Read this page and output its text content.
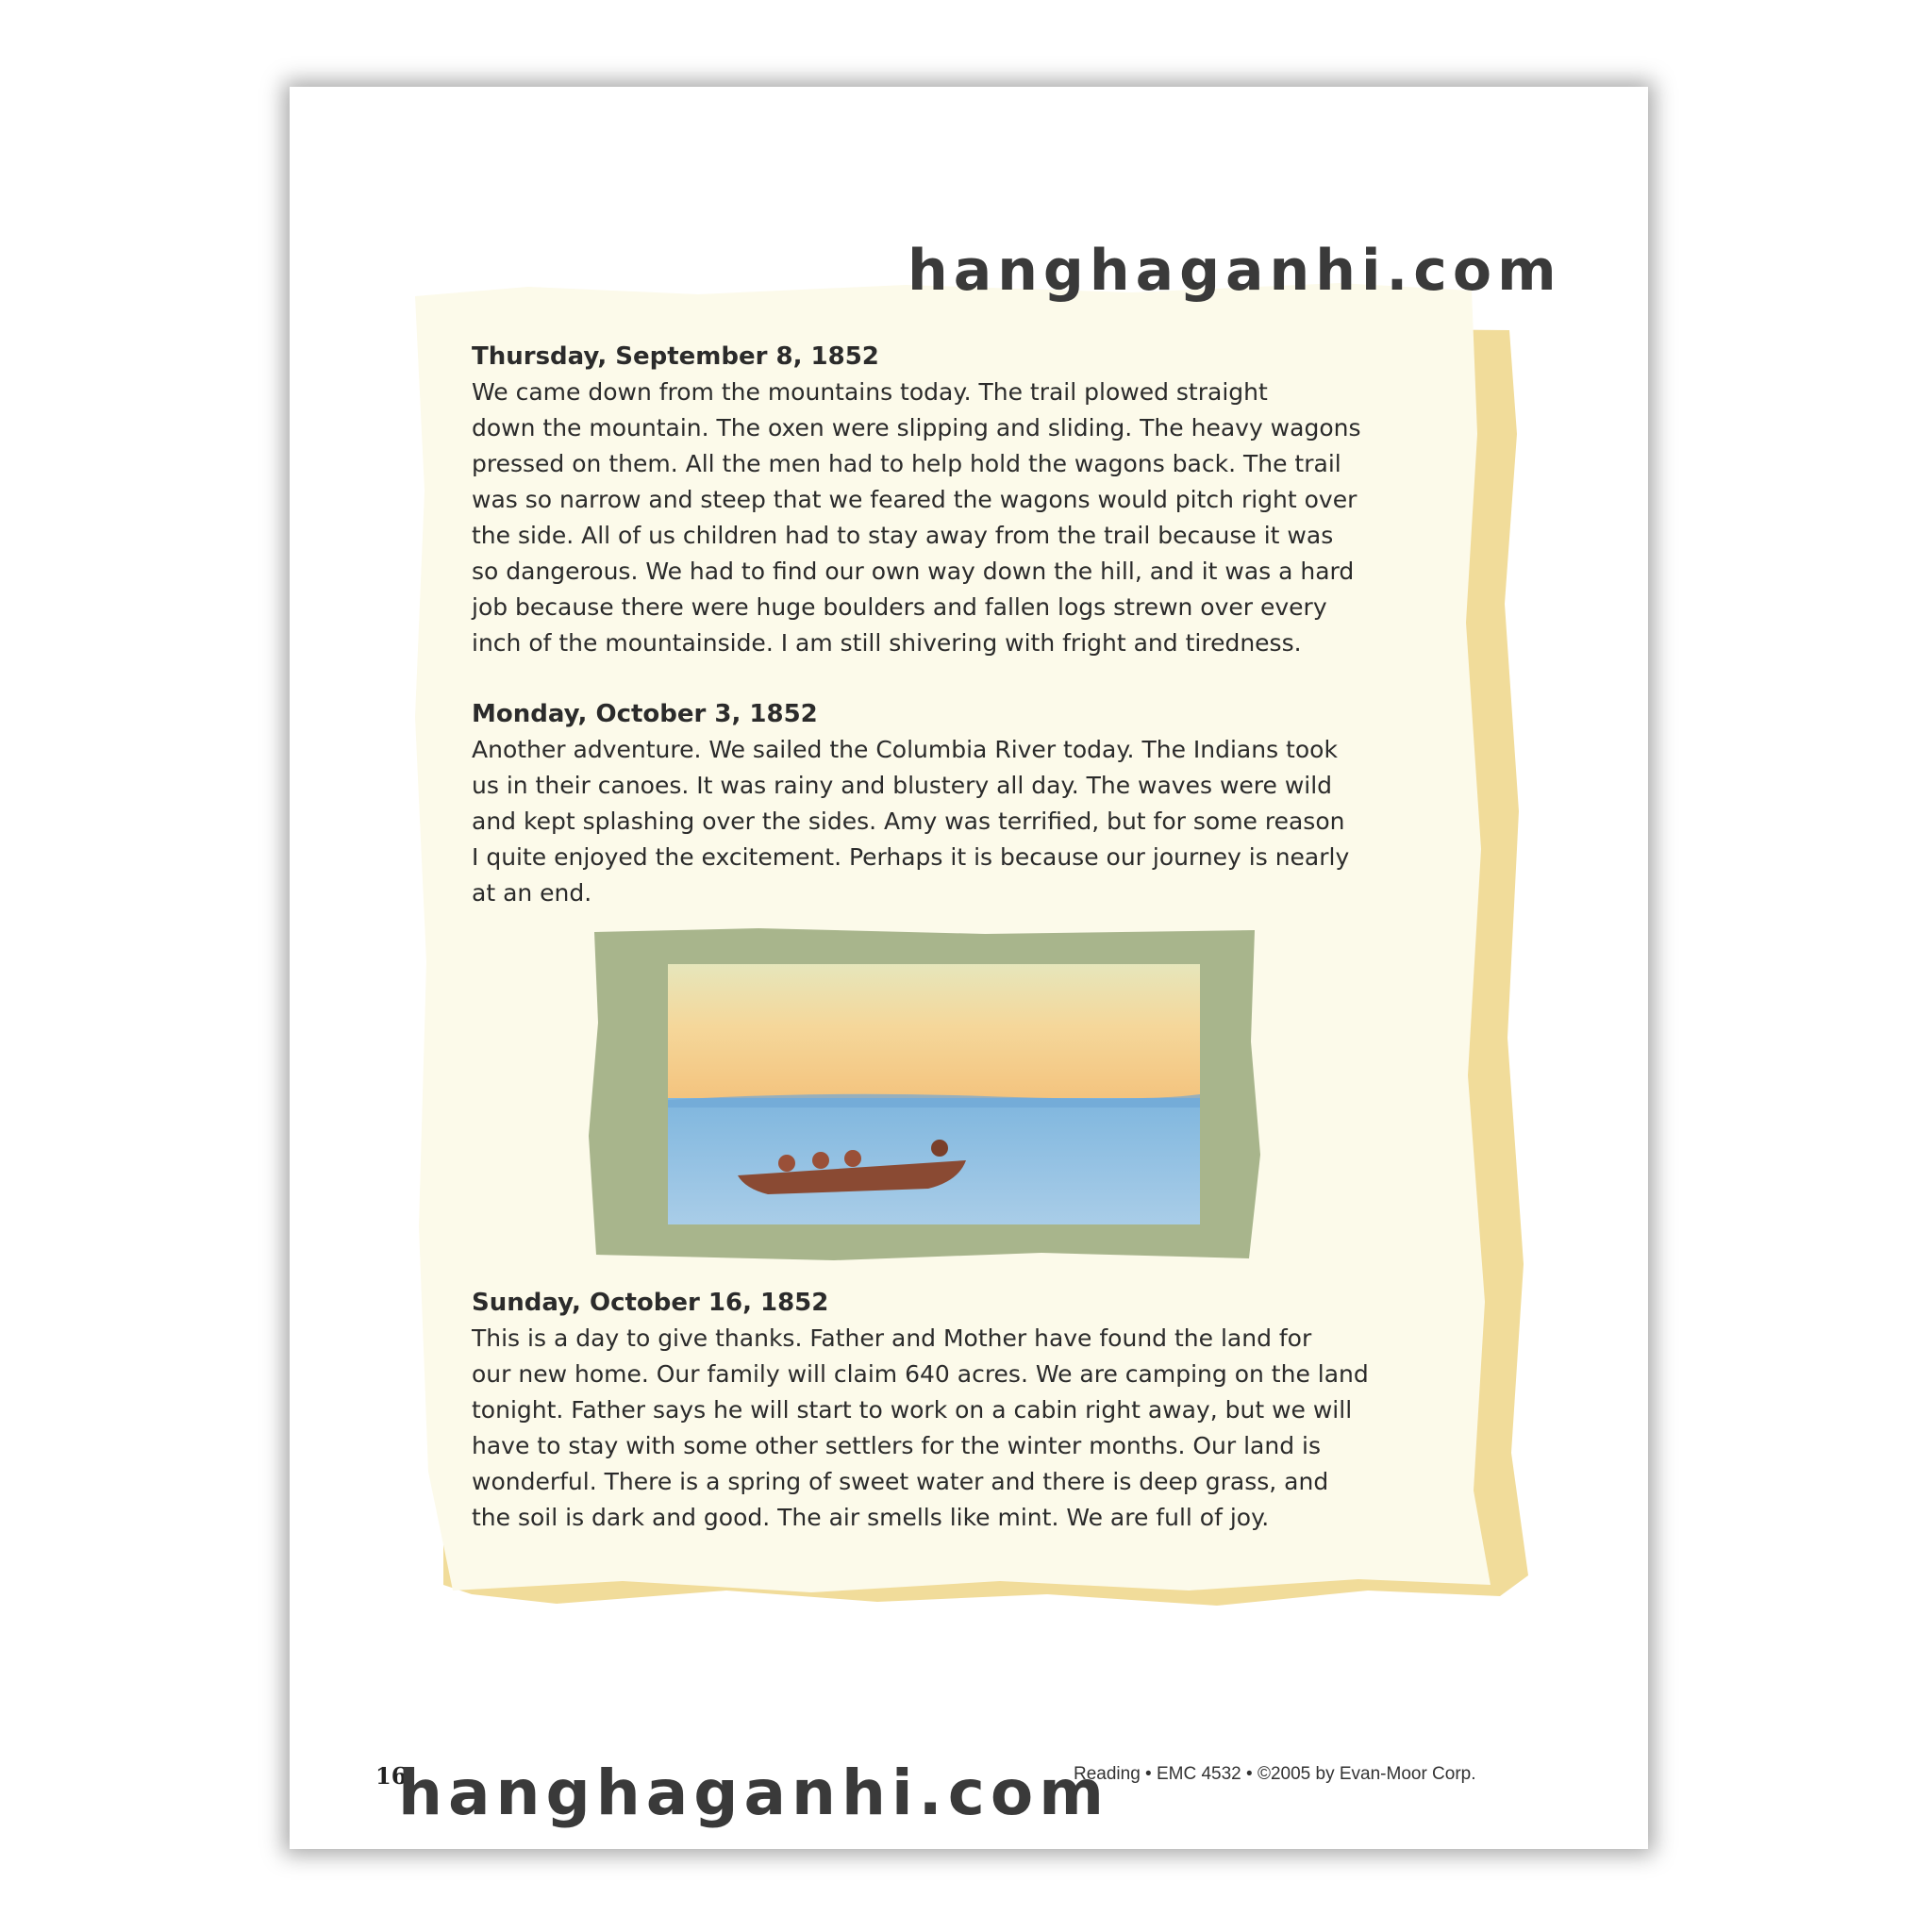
hanghaganhi.com
Thursday, September 8, 1852
We came down from the mountains today. The trail plowed straight
down the mountain. The oxen were slipping and sliding. The heavy wagons
pressed on them. All the men had to help hold the wagons back. The trail
was so narrow and steep that we feared the wagons would pitch right over
the side. All of us children had to stay away from the trail because it was
so dangerous. We had to find our own way down the hill, and it was a hard
job because there were huge boulders and fallen logs strewn over every
inch of the mountainside. I am still shivering with fright and tiredness.
Monday, October 3, 1852
Another adventure. We sailed the Columbia River today. The Indians took
us in their canoes. It was rainy and blustery all day. The waves were wild
and kept splashing over the sides. Amy was terrified, but for some reason
I quite enjoyed the excitement. Perhaps it is because our journey is nearly
at an end.
Sunday, October 16, 1852
This is a day to give thanks. Father and Mother have found the land for
our new home. Our family will claim 640 acres. We are camping on the land
tonight. Father says he will start to work on a cabin right away, but we will
have to stay with some other settlers for the winter months. Our land is
wonderful. There is a spring of sweet water and there is deep grass, and
the soil is dark and good. The air smells like mint. We are full of joy.
16
hanghaganhi.com
Reading • EMC 4532 • ©2005 by Evan-Moor Corp.
